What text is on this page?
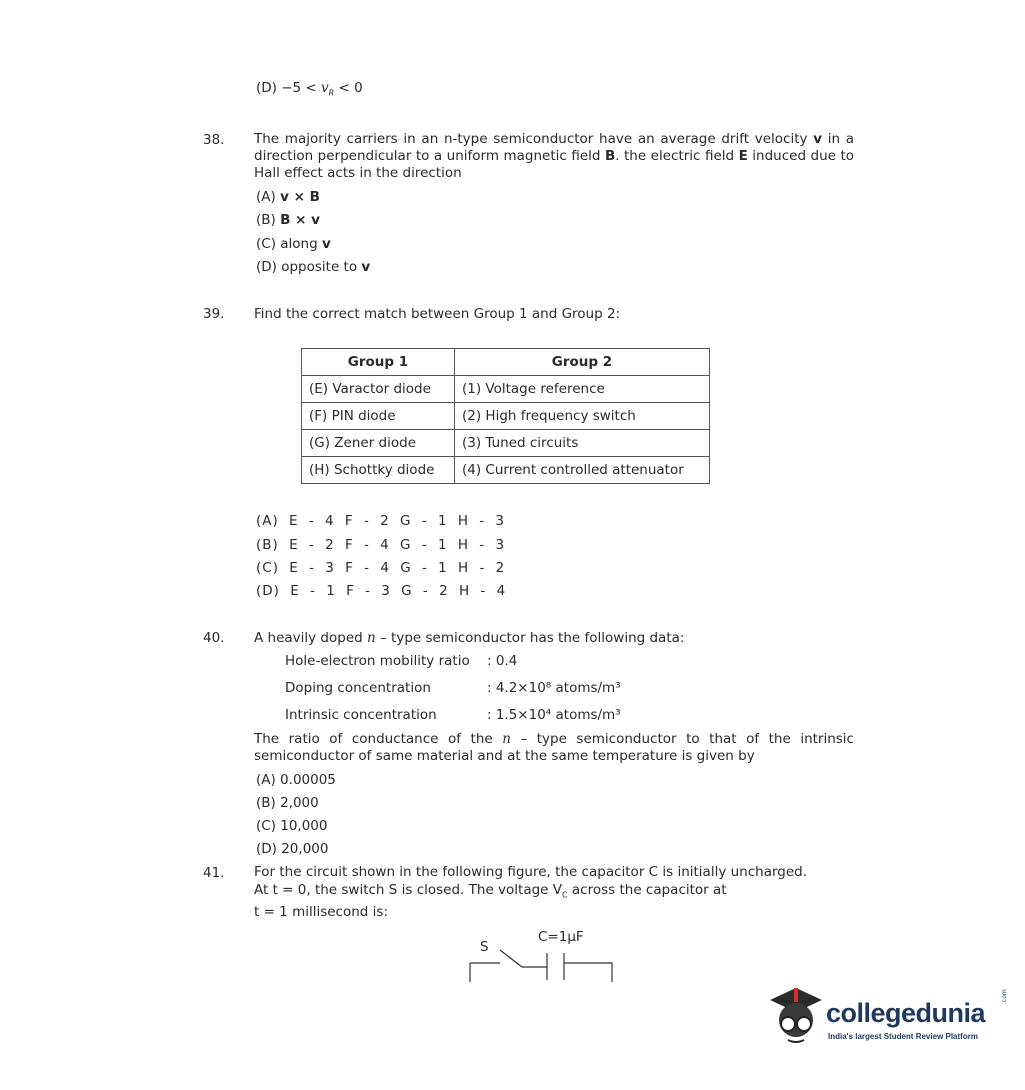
$(D) -5 < v_R < 0$
38. The majority carriers in an n-type semiconductor have an average drift velocity v in a direction perpendicular to a uniform magnetic field B. the electric field E induced due to Hall effect acts in the direction
(A) v × B
(B) B × v
(C) along v
(D) opposite to v
39. Find the correct match between Group 1 and Group 2:
Group 1	Group 2
(E) Varactor diode	(1) Voltage reference
(F) PIN diode	(2) High frequency switch
(G) Zener diode	(3) Tuned circuits
(H) Schottky diode	(4) Current controlled attenuator
(A) E - 4 F - 2 G - 1 H - 3
(B) E - 2 F - 4 G - 1 H - 3
(C) E - 3 F - 4 G - 1 H - 2
(D) E - 1 F - 3 G - 2 H - 4
40. A heavily doped n – type semiconductor has the following data:
Hole-electron mobility ratio : 0.4
Doping concentration	: 4.2×10⁸ atoms/m³
Intrinsic concentration	: 1.5×10⁴ atoms/m³
The ratio of conductance of the n – type semiconductor to that of the intrinsic semiconductor of same material and at the same temperature is given by
(A) 0.00005
(B) 2,000
(C) 10,000
(D) 20,000
41. For the circuit shown in the following figure, the capacitor C is initially uncharged.
At t = 0, the switch S is closed. The voltage $V_C$ across the capacitor at
t = 1 millisecond is:
C=1μF
S
collegedunia
.com
India's largest Student Review Platform
